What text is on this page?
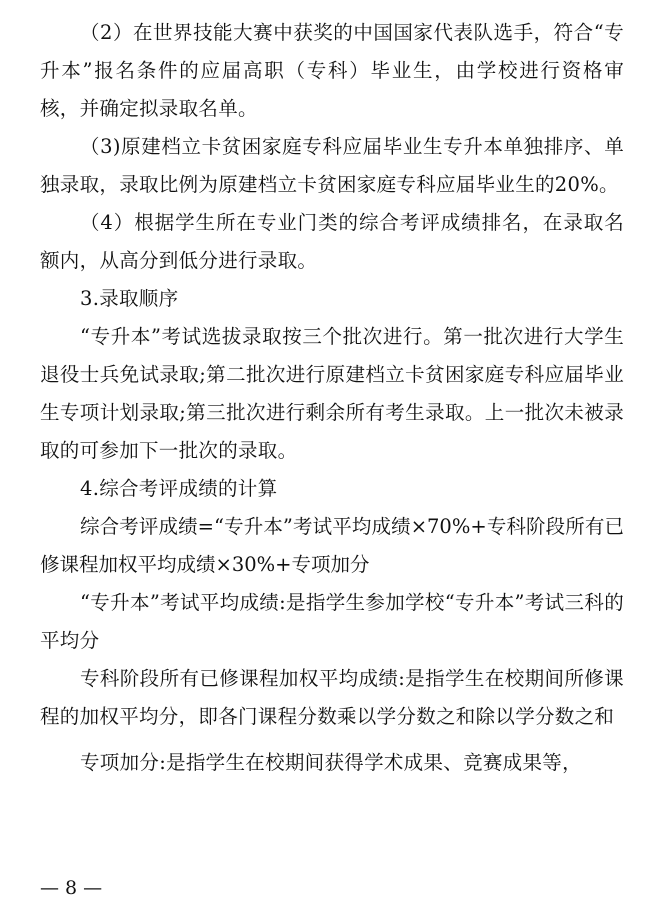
（2）在世界技能大赛中获奖的中国国家代表队选手，符合“专升本”报名条件的应届高职（专科）毕业生，由学校进行资格审核，并确定拟录取名单。

（3)原建档立卡贫困家庭专科应届毕业生专升本单独排序、单独录取，录取比例为原建档立卡贫困家庭专科应届毕业生的20%。

（4）根据学生所在专业门类的综合考评成绩排名，在录取名额内，从高分到低分进行录取。

3.录取顺序

“专升本”考试选拔录取按三个批次进行。第一批次进行大学生退役士兵免试录取;第二批次进行原建档立卡贫困家庭专科应届毕业生专项计划录取;第三批次进行剩余所有考生录取。上一批次未被录取的可参加下一批次的录取。

4.综合考评成绩的计算

综合考评成绩=“专升本”考试平均成绩×70%+专科阶段所有已修课程加权平均成绩×30%+专项加分

“专升本”考试平均成绩:是指学生参加学校“专升本”考试三科的平均分

专科阶段所有已修课程加权平均成绩:是指学生在校期间所修课程的加权平均分，即各门课程分数乘以学分数之和除以学分数之和

专项加分:是指学生在校期间获得学术成果、竞赛成果等，

— 8 —
